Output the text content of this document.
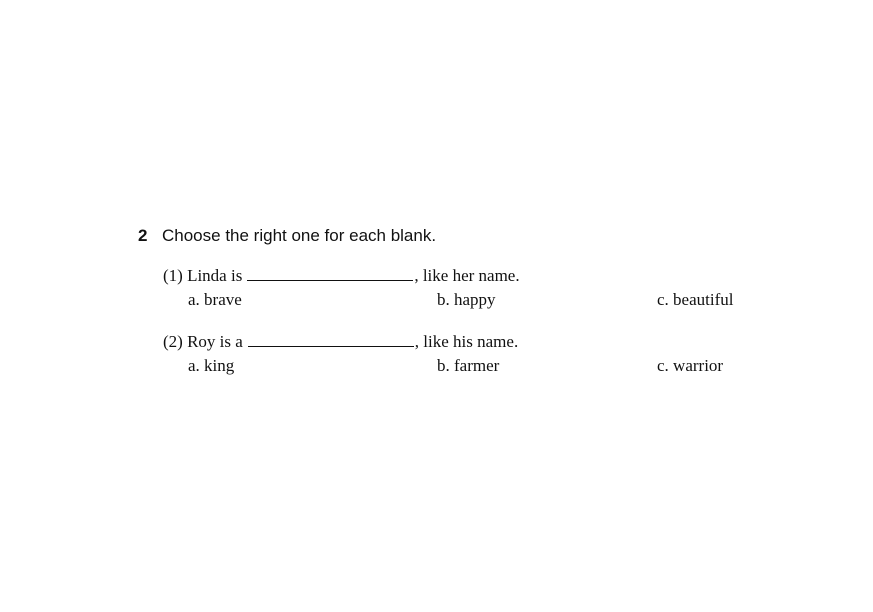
2 Choose the right one for each blank.
(1) Linda is	, like her name.
a. brave	b. happy	c. beautiful
(2) Roy is a	, like his name.
a. king	b. farmer	c. warrior
